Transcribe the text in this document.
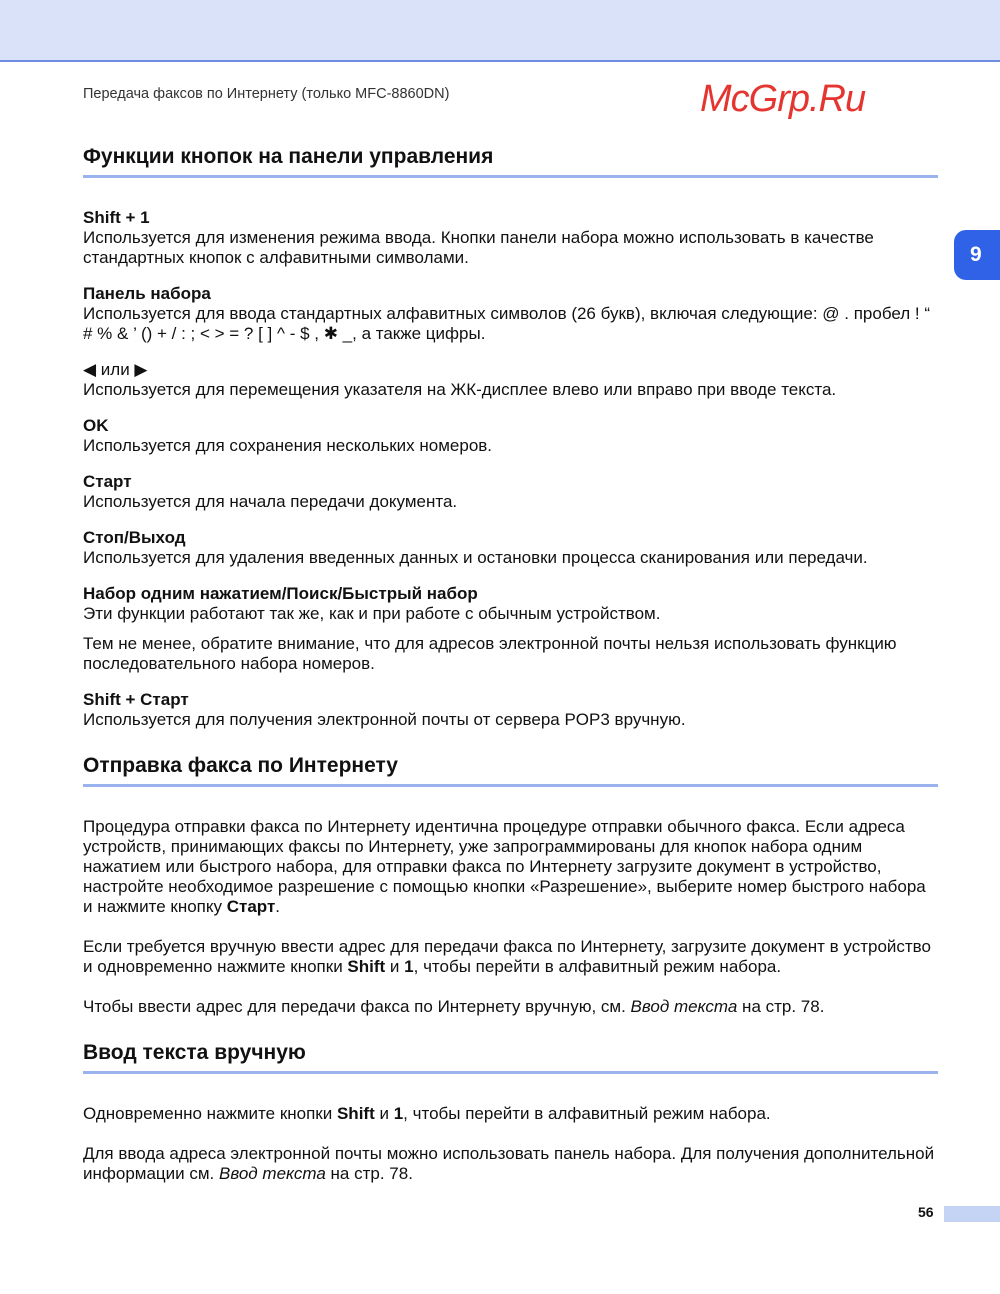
Передача факсов по Интернету (только MFC-8860DN)	McGrp.Ru
9
Функции кнопок на панели управления
Shift + 1

Используется для изменения режима ввода. Кнопки панели набора можно использовать в качестве стандартных кнопок с алфавитными символами.

Панель набора

Используется для ввода стандартных алфавитных символов (26 букв), включая следующие: @ . пробел ! “ # % & ’ () + / : ; < > = ? [ ] ^ - $ , ✱ _, а также цифры.

◀ или ▶

Используется для перемещения указателя на ЖК-дисплее влево или вправо при вводе текста.

OK

Используется для сохранения нескольких номеров.

Старт

Используется для начала передачи документа.

Стоп/Выход

Используется для удаления введенных данных и остановки процесса сканирования или передачи.

Набор одним нажатием/Поиск/Быстрый набор

Эти функции работают так же, как и при работе с обычным устройством.

Тем не менее, обратите внимание, что для адресов электронной почты нельзя использовать функцию последовательного набора номеров.

Shift + Старт

Используется для получения электронной почты от сервера POP3 вручную.

Отправка факса по Интернету

Процедура отправки факса по Интернету идентична процедуре отправки обычного факса. Если адреса устройств, принимающих факсы по Интернету, уже запрограммированы для кнопок набора одним нажатием или быстрого набора, для отправки факса по Интернету загрузите документ в устройство, настройте необходимое разрешение с помощью кнопки «Разрешение», выберите номер быстрого набора и нажмите кнопку Старт.

Если требуется вручную ввести адрес для передачи факса по Интернету, загрузите документ в устройство и одновременно нажмите кнопки Shift и 1, чтобы перейти в алфавитный режим набора.

Чтобы ввести адрес для передачи факса по Интернету вручную, см. Ввод текста на стр. 78.

Ввод текста вручную

Одновременно нажмите кнопки Shift и 1, чтобы перейти в алфавитный режим набора.

Для ввода адреса электронной почты можно использовать панель набора. Для получения дополнительной информации см. Ввод текста на стр. 78.

56
